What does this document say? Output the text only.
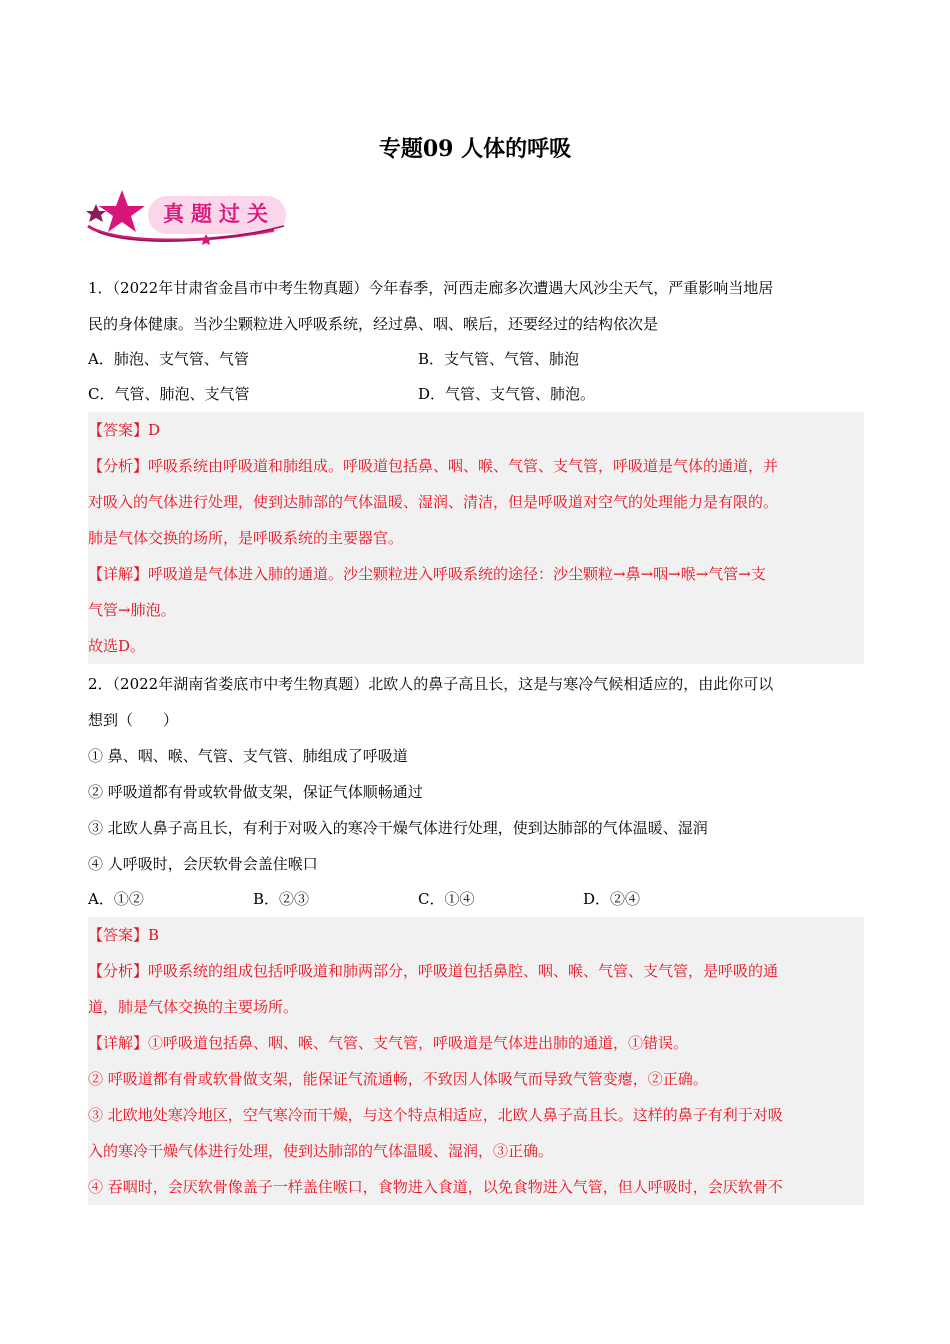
专题09 人体的呼吸
真题过关

1．（2022年甘肃省金昌市中考生物真题）今年春季，河西走廊多次遭遇大风沙尘天气，严重影响当地居

民的身体健康。当沙尘颗粒进入呼吸系统，经过鼻、咽、喉后，还要经过的结构依次是

A．肺泡、支气管、气管	B．支气管、气管、肺泡
C．气管、肺泡、支气管	D．气管、支气管、肺泡。

【答案】D

【分析】呼吸系统由呼吸道和肺组成。呼吸道包括鼻、咽、喉、气管、支气管，呼吸道是气体的通道，并

对吸入的气体进行处理，使到达肺部的气体温暖、湿润、清洁，但是呼吸道对空气的处理能力是有限的。

肺是气体交换的场所，是呼吸系统的主要器官。

【详解】呼吸道是气体进入肺的通道。沙尘颗粒进入呼吸系统的途径：沙尘颗粒→鼻→咽→喉→气管→支

气管→肺泡。

故选D。

2．（2022年湖南省娄底市中考生物真题）北欧人的鼻子高且长，这是与寒冷气候相适应的，由此你可以

想到（　　）

① 鼻、咽、喉、气管、支气管、肺组成了呼吸道

② 呼吸道都有骨或软骨做支架，保证气体顺畅通过

③ 北欧人鼻子高且长，有利于对吸入的寒冷干燥气体进行处理，使到达肺部的气体温暖、湿润

④ 人呼吸时，会厌软骨会盖住喉口

A．①②	B．②③	C．①④	D．②④

【答案】B

【分析】呼吸系统的组成包括呼吸道和肺两部分，呼吸道包括鼻腔、咽、喉、气管、支气管，是呼吸的通

道，肺是气体交换的主要场所。

【详解】①呼吸道包括鼻、咽、喉、气管、支气管，呼吸道是气体进出肺的通道，①错误。

② 呼吸道都有骨或软骨做支架，能保证气流通畅，不致因人体吸气而导致气管变瘪，②正确。

③ 北欧地处寒冷地区，空气寒冷而干燥，与这个特点相适应，北欧人鼻子高且长。这样的鼻子有利于对吸

入的寒冷干燥气体进行处理，使到达肺部的气体温暖、湿润，③正确。

④ 吞咽时，会厌软骨像盖子一样盖住喉口，食物进入食道，以免食物进入气管，但人呼吸时，会厌软骨不
